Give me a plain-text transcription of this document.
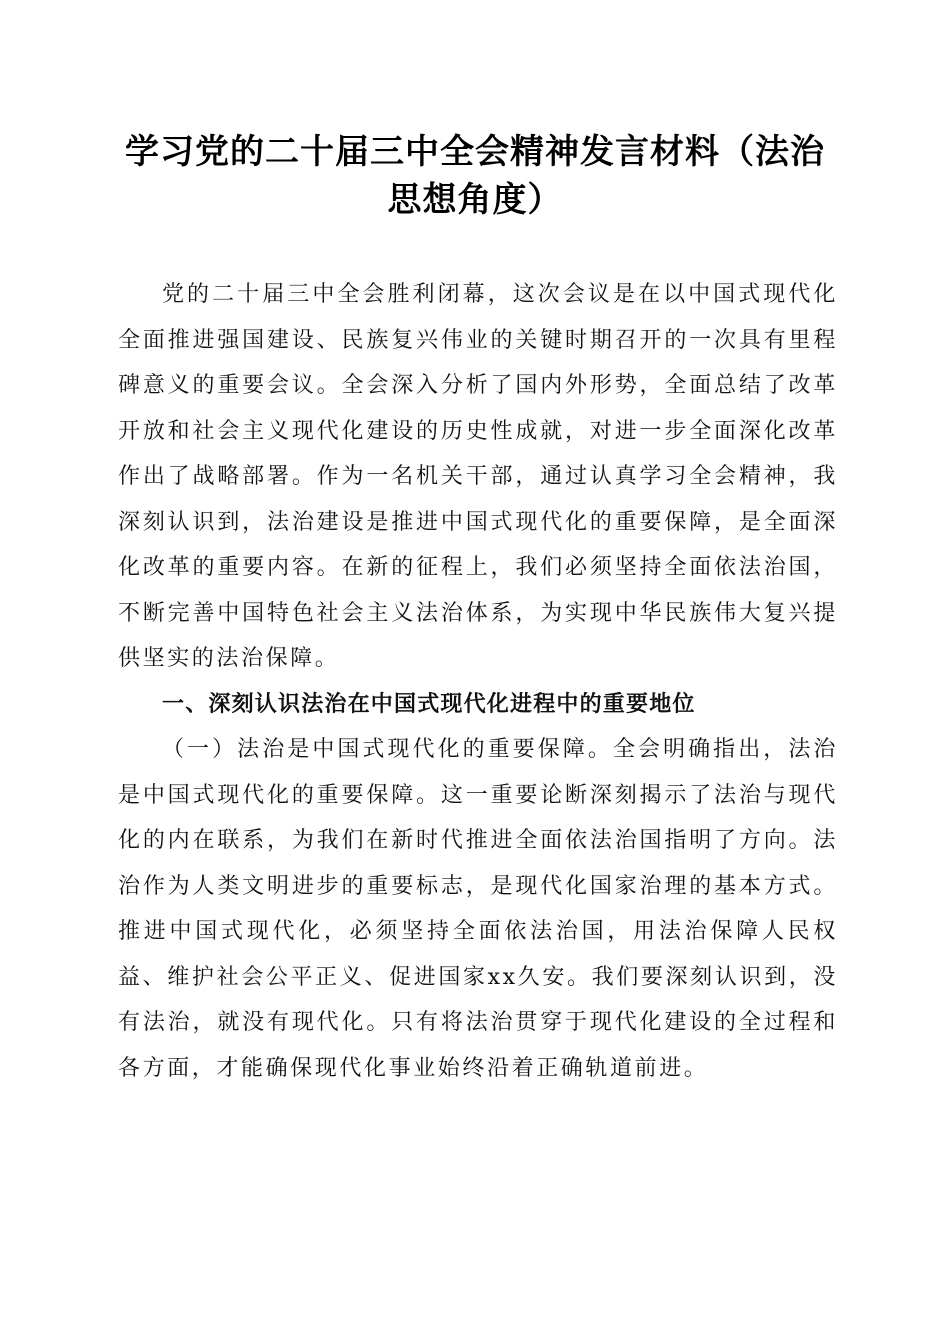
学习党的二十届三中全会精神发言材料（法治思想角度）

党的二十届三中全会胜利闭幕，这次会议是在以中国式现代化全面推进强国建设、民族复兴伟业的关键时期召开的一次具有里程碑意义的重要会议。全会深入分析了国内外形势，全面总结了改革开放和社会主义现代化建设的历史性成就，对进一步全面深化改革作出了战略部署。作为一名机关干部，通过认真学习全会精神，我深刻认识到，法治建设是推进中国式现代化的重要保障，是全面深化改革的重要内容。在新的征程上，我们必须坚持全面依法治国，不断完善中国特色社会主义法治体系，为实现中华民族伟大复兴提供坚实的法治保障。

一、深刻认识法治在中国式现代化进程中的重要地位

（一）法治是中国式现代化的重要保障。全会明确指出，法治是中国式现代化的重要保障。这一重要论断深刻揭示了法治与现代化的内在联系，为我们在新时代推进全面依法治国指明了方向。法治作为人类文明进步的重要标志，是现代化国家治理的基本方式。推进中国式现代化，必须坚持全面依法治国，用法治保障人民权益、维护社会公平正义、促进国家xx久安。我们要深刻认识到，没有法治，就没有现代化。只有将法治贯穿于现代化建设的全过程和各方面，才能确保现代化事业始终沿着正确轨道前进。
